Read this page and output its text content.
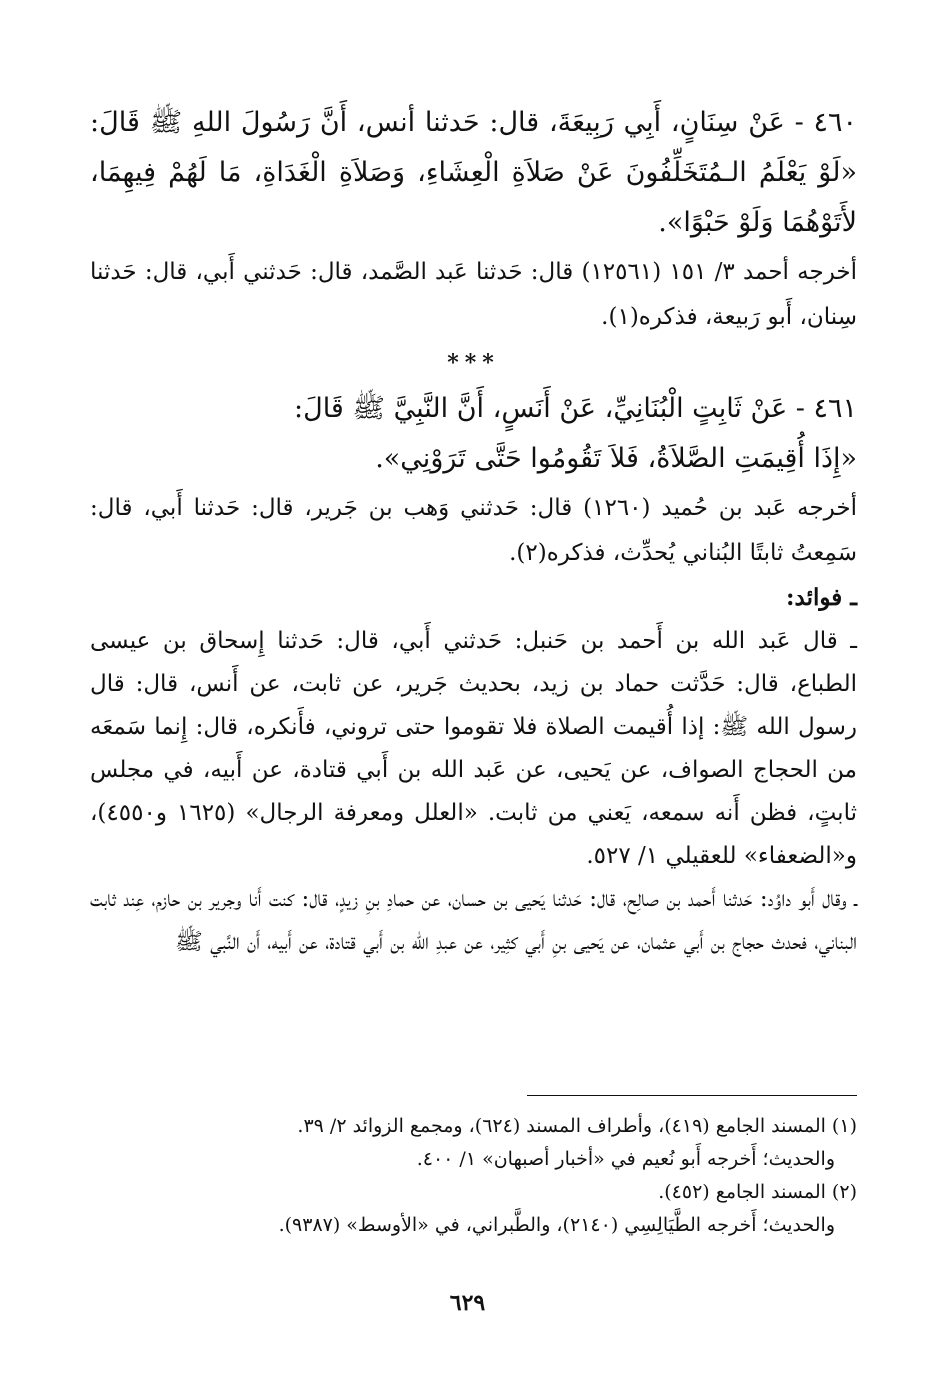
٤٦٠ - عَنْ سِنَانٍ، أَبِي رَبِيعَةَ، قال: حَدثنا أنس، أَنَّ رَسُولَ اللهِ ﷺ قَالَ: «لَوْ يَعْلَمُ الـمُتَخَلِّفُونَ عَنْ صَلاَةِ الْعِشَاءِ، وَصَلاَةِ الْغَدَاةِ، مَا لَهُمْ فِيهِمَا، لأَتَوْهُمَا وَلَوْ حَبْوًا».

أخرجه أحمد ٣/ ١٥١ (١٢٥٦١) قال: حَدثنا عَبد الصَّمد، قال: حَدثني أَبي، قال: حَدثنا سِنان، أَبو رَبيعة، فذكره(١).

***

٤٦١ - عَنْ ثَابِتٍ الْبُنَانِيِّ، عَنْ أَنَسٍ، أَنَّ النَّبِيَّ ﷺ قَالَ:

«إِذَا أُقِيمَتِ الصَّلاَةُ، فَلاَ تَقُومُوا حَتَّى تَرَوْنِي».

أخرجه عَبد بن حُميد (١٢٦٠) قال: حَدثني وَهب بن جَرير، قال: حَدثنا أَبي، قال: سَمِعتُ ثابتًا البُناني يُحدِّث، فذكره(٢).

ـ فوائد:

ـ قال عَبد الله بن أَحمد بن حَنبل: حَدثني أَبي، قال: حَدثنا إِسحاق بن عيسى الطباع، قال: حَدَّثت حماد بن زيد، بحديث جَرير، عن ثابت، عن أَنس، قال: قال رسول الله ﷺ: إذا أُقيمت الصلاة فلا تقوموا حتى تروني، فأَنكره، قال: إِنما سَمعَه من الحجاج الصواف، عن يَحيى، عن عَبد الله بن أَبي قتادة، عن أَبيه، في مجلس ثابتٍ، فظن أَنه سمعه، يَعني من ثابت. «العلل ومعرفة الرجال» (١٦٢٥ و٤٥٥٠)، و«الضعفاء» للعقيلي ١/ ٥٢٧.

ـ وقال أَبو داوُد: حَدثنا أَحمد بن صالِح، قال: حَدثنا يَحيى بن حسان، عن حمادِ بنِ زيدٍ، قال: كنت أَنا وجرير بن حازم، عِند ثابت البناني، فحدث حجاج بن أَبي عثمان، عن يَحيى بنِ أَبي كثِير، عن عبدِ الله بن أَبي قتادة، عن أَبيه، أَن النَّبي ﷺ

(١) المسند الجامع (٤١٩)، وأطراف المسند (٦٢٤)، ومجمع الزوائد ٢/ ٣٩.

والحديث؛ أَخرجه أَبو نُعيم في «أخبار أصبهان» ١/ ٤٠٠.

(٢) المسند الجامع (٤٥٢).

والحديث؛ أَخرجه الطَّيَالِسِي (٢١٤٠)، والطَّبراني، في «الأوسط» (٩٣٨٧).

٦٢٩
